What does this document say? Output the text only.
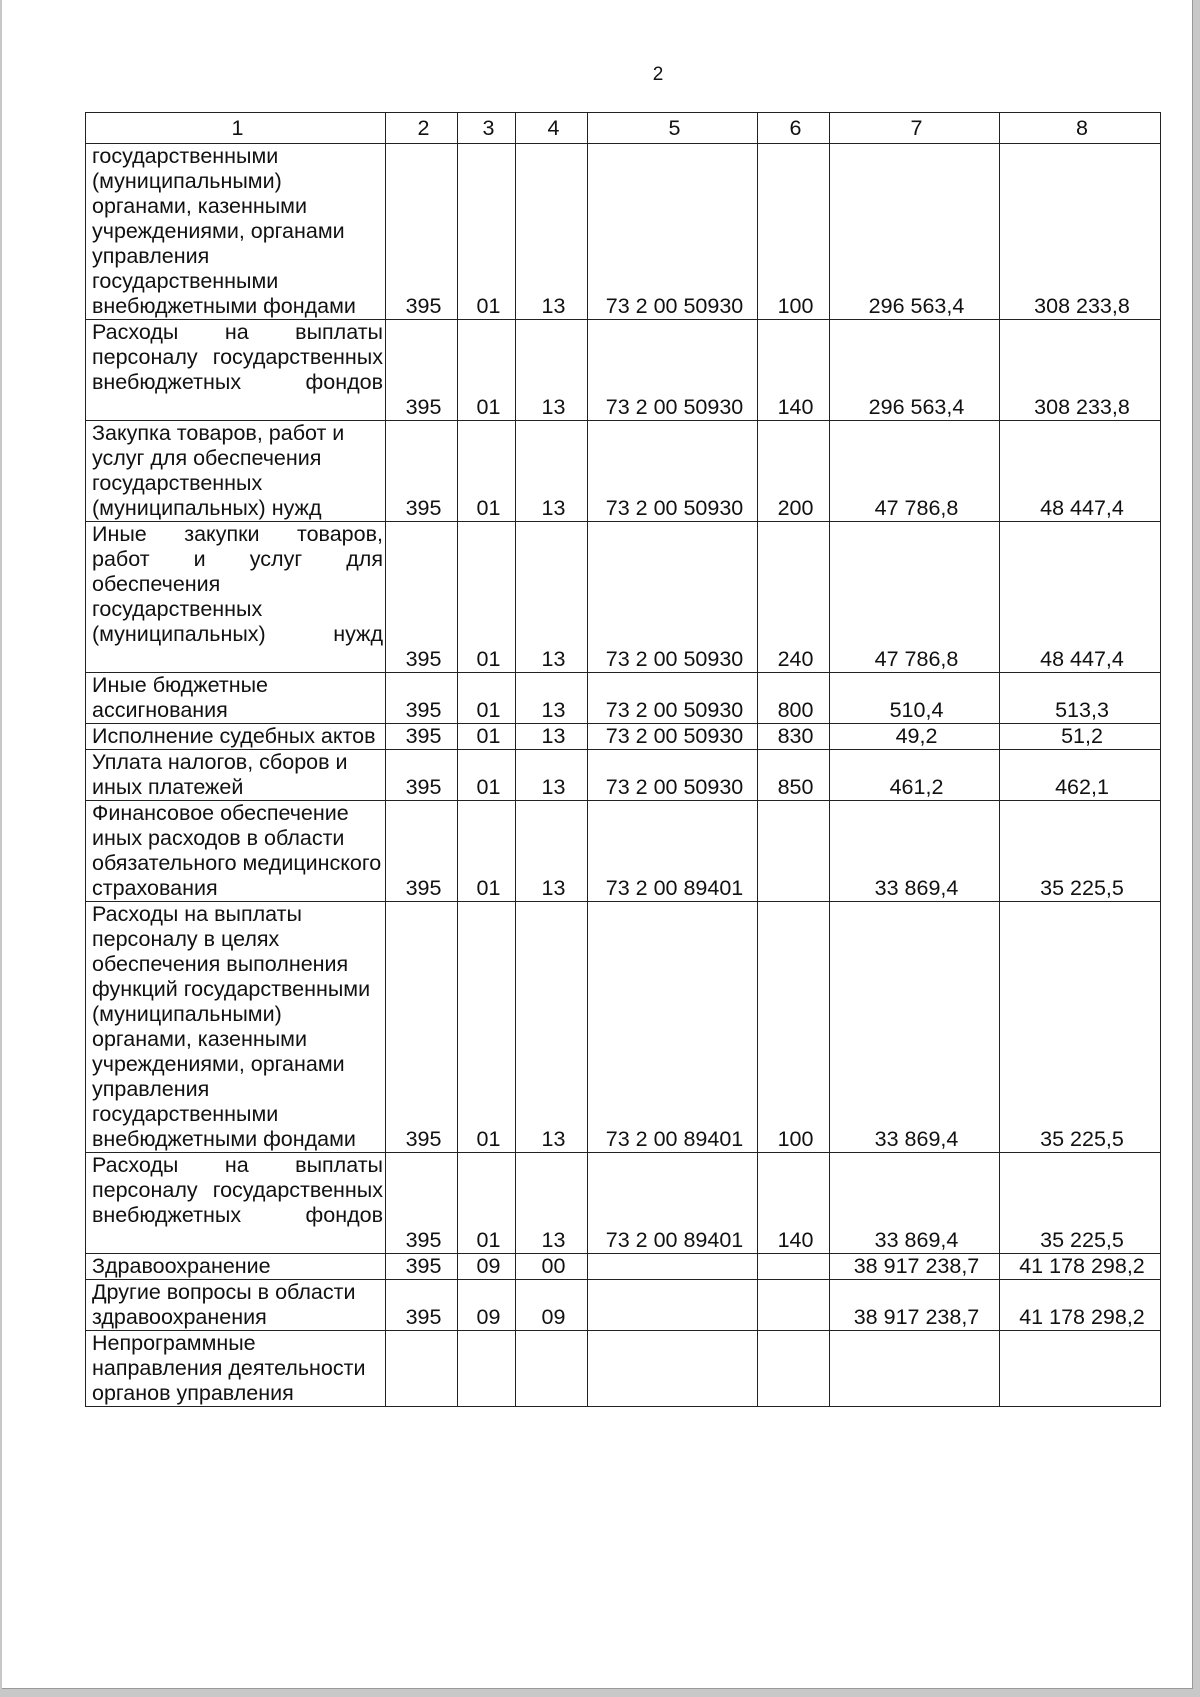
2
1	2	3	4	5	6	7	8
государственными (муниципальными) органами, казенными учреждениями, органами управления государственными внебюджетными фондами	395	01	13	73 2 00 50930	100	296 563,4	308 233,8
Расходы на выплаты персоналу государственных внебюджетных фондов	395	01	13	73 2 00 50930	140	296 563,4	308 233,8
Закупка товаров, работ и услуг для обеспечения государственных (муниципальных) нужд	395	01	13	73 2 00 50930	200	47 786,8	48 447,4
Иные закупки товаров, работ и услуг для обеспечения государственных (муниципальных) нужд	395	01	13	73 2 00 50930	240	47 786,8	48 447,4
Иные бюджетные ассигнования	395	01	13	73 2 00 50930	800	510,4	513,3
Исполнение судебных актов	395	01	13	73 2 00 50930	830	49,2	51,2
Уплата налогов, сборов и иных платежей	395	01	13	73 2 00 50930	850	461,2	462,1
Финансовое обеспечение иных расходов в области обязательного медицинского страхования	395	01	13	73 2 00 89401		33 869,4	35 225,5
Расходы на выплаты персоналу в целях обеспечения выполнения функций государственными (муниципальными) органами, казенными учреждениями, органами управления государственными внебюджетными фондами	395	01	13	73 2 00 89401	100	33 869,4	35 225,5
Расходы на выплаты персоналу государственных внебюджетных фондов	395	01	13	73 2 00 89401	140	33 869,4	35 225,5
Здравоохранение	395	09	00			38 917 238,7	41 178 298,2
Другие вопросы в области здравоохранения	395	09	09			38 917 238,7	41 178 298,2
Непрограммные направления деятельности органов управления							
